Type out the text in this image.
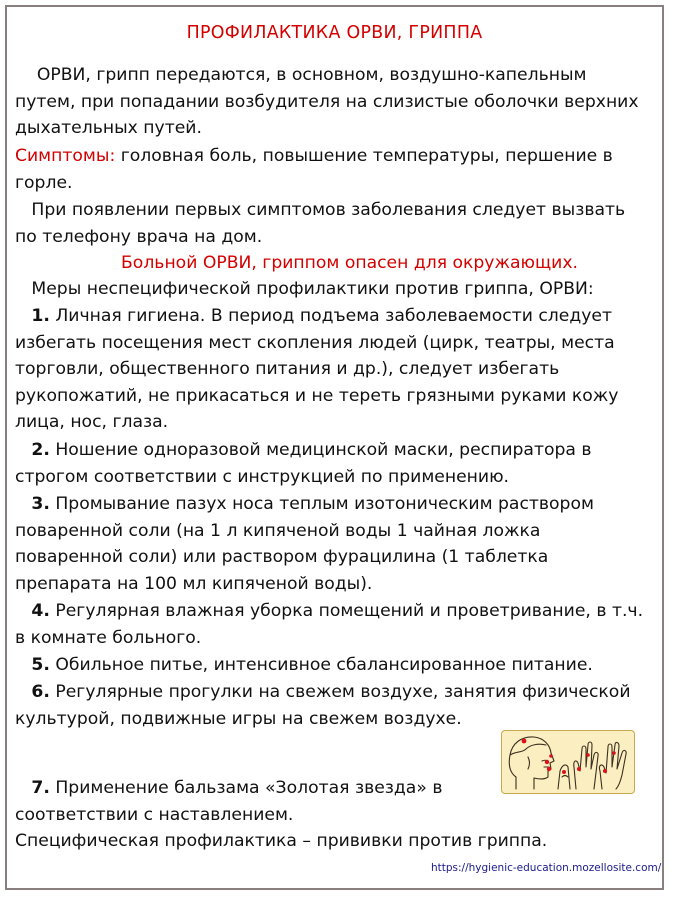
ПРОФИЛАКТИКА ОРВИ, ГРИППА
ОРВИ, грипп передаются, в основном, воздушно-капельным
путем, при попадании возбудителя на слизистые оболочки верхних
дыхательных путей.
Симптомы: головная боль, повышение температуры, першение в
горле.
При появлении первых симптомов заболевания следует вызвать
по телефону врача на дом.
Больной ОРВИ, гриппом опасен для окружающих.
Меры неспецифической профилактики против гриппа, ОРВИ:
1. Личная гигиена. В период подъема заболеваемости следует
избегать посещения мест скопления людей (цирк, театры, места
торговли, общественного питания и др.), следует избегать
рукопожатий, не прикасаться и не тереть грязными руками кожу
лица, нос, глаза.
2. Ношение одноразовой медицинской маски, респиратора в
строгом соответствии с инструкцией по применению.
3. Промывание пазух носа теплым изотоническим раствором
поваренной соли (на 1 л кипяченой воды 1 чайная ложка
поваренной соли) или раствором фурацилина (1 таблетка
препарата на 100 мл кипяченой воды).
4. Регулярная влажная уборка помещений и проветривание, в т.ч.
в комнате больного.
5. Обильное питье, интенсивное сбалансированное питание.
6. Регулярные прогулки на свежем воздухе, занятия физической
культурой, подвижные игры на свежем воздухе.
7. Применение бальзама «Золотая звезда» в
соответствии с наставлением.
Специфическая профилактика – прививки против гриппа.
https://hygienic-education.mozellosite.com/
